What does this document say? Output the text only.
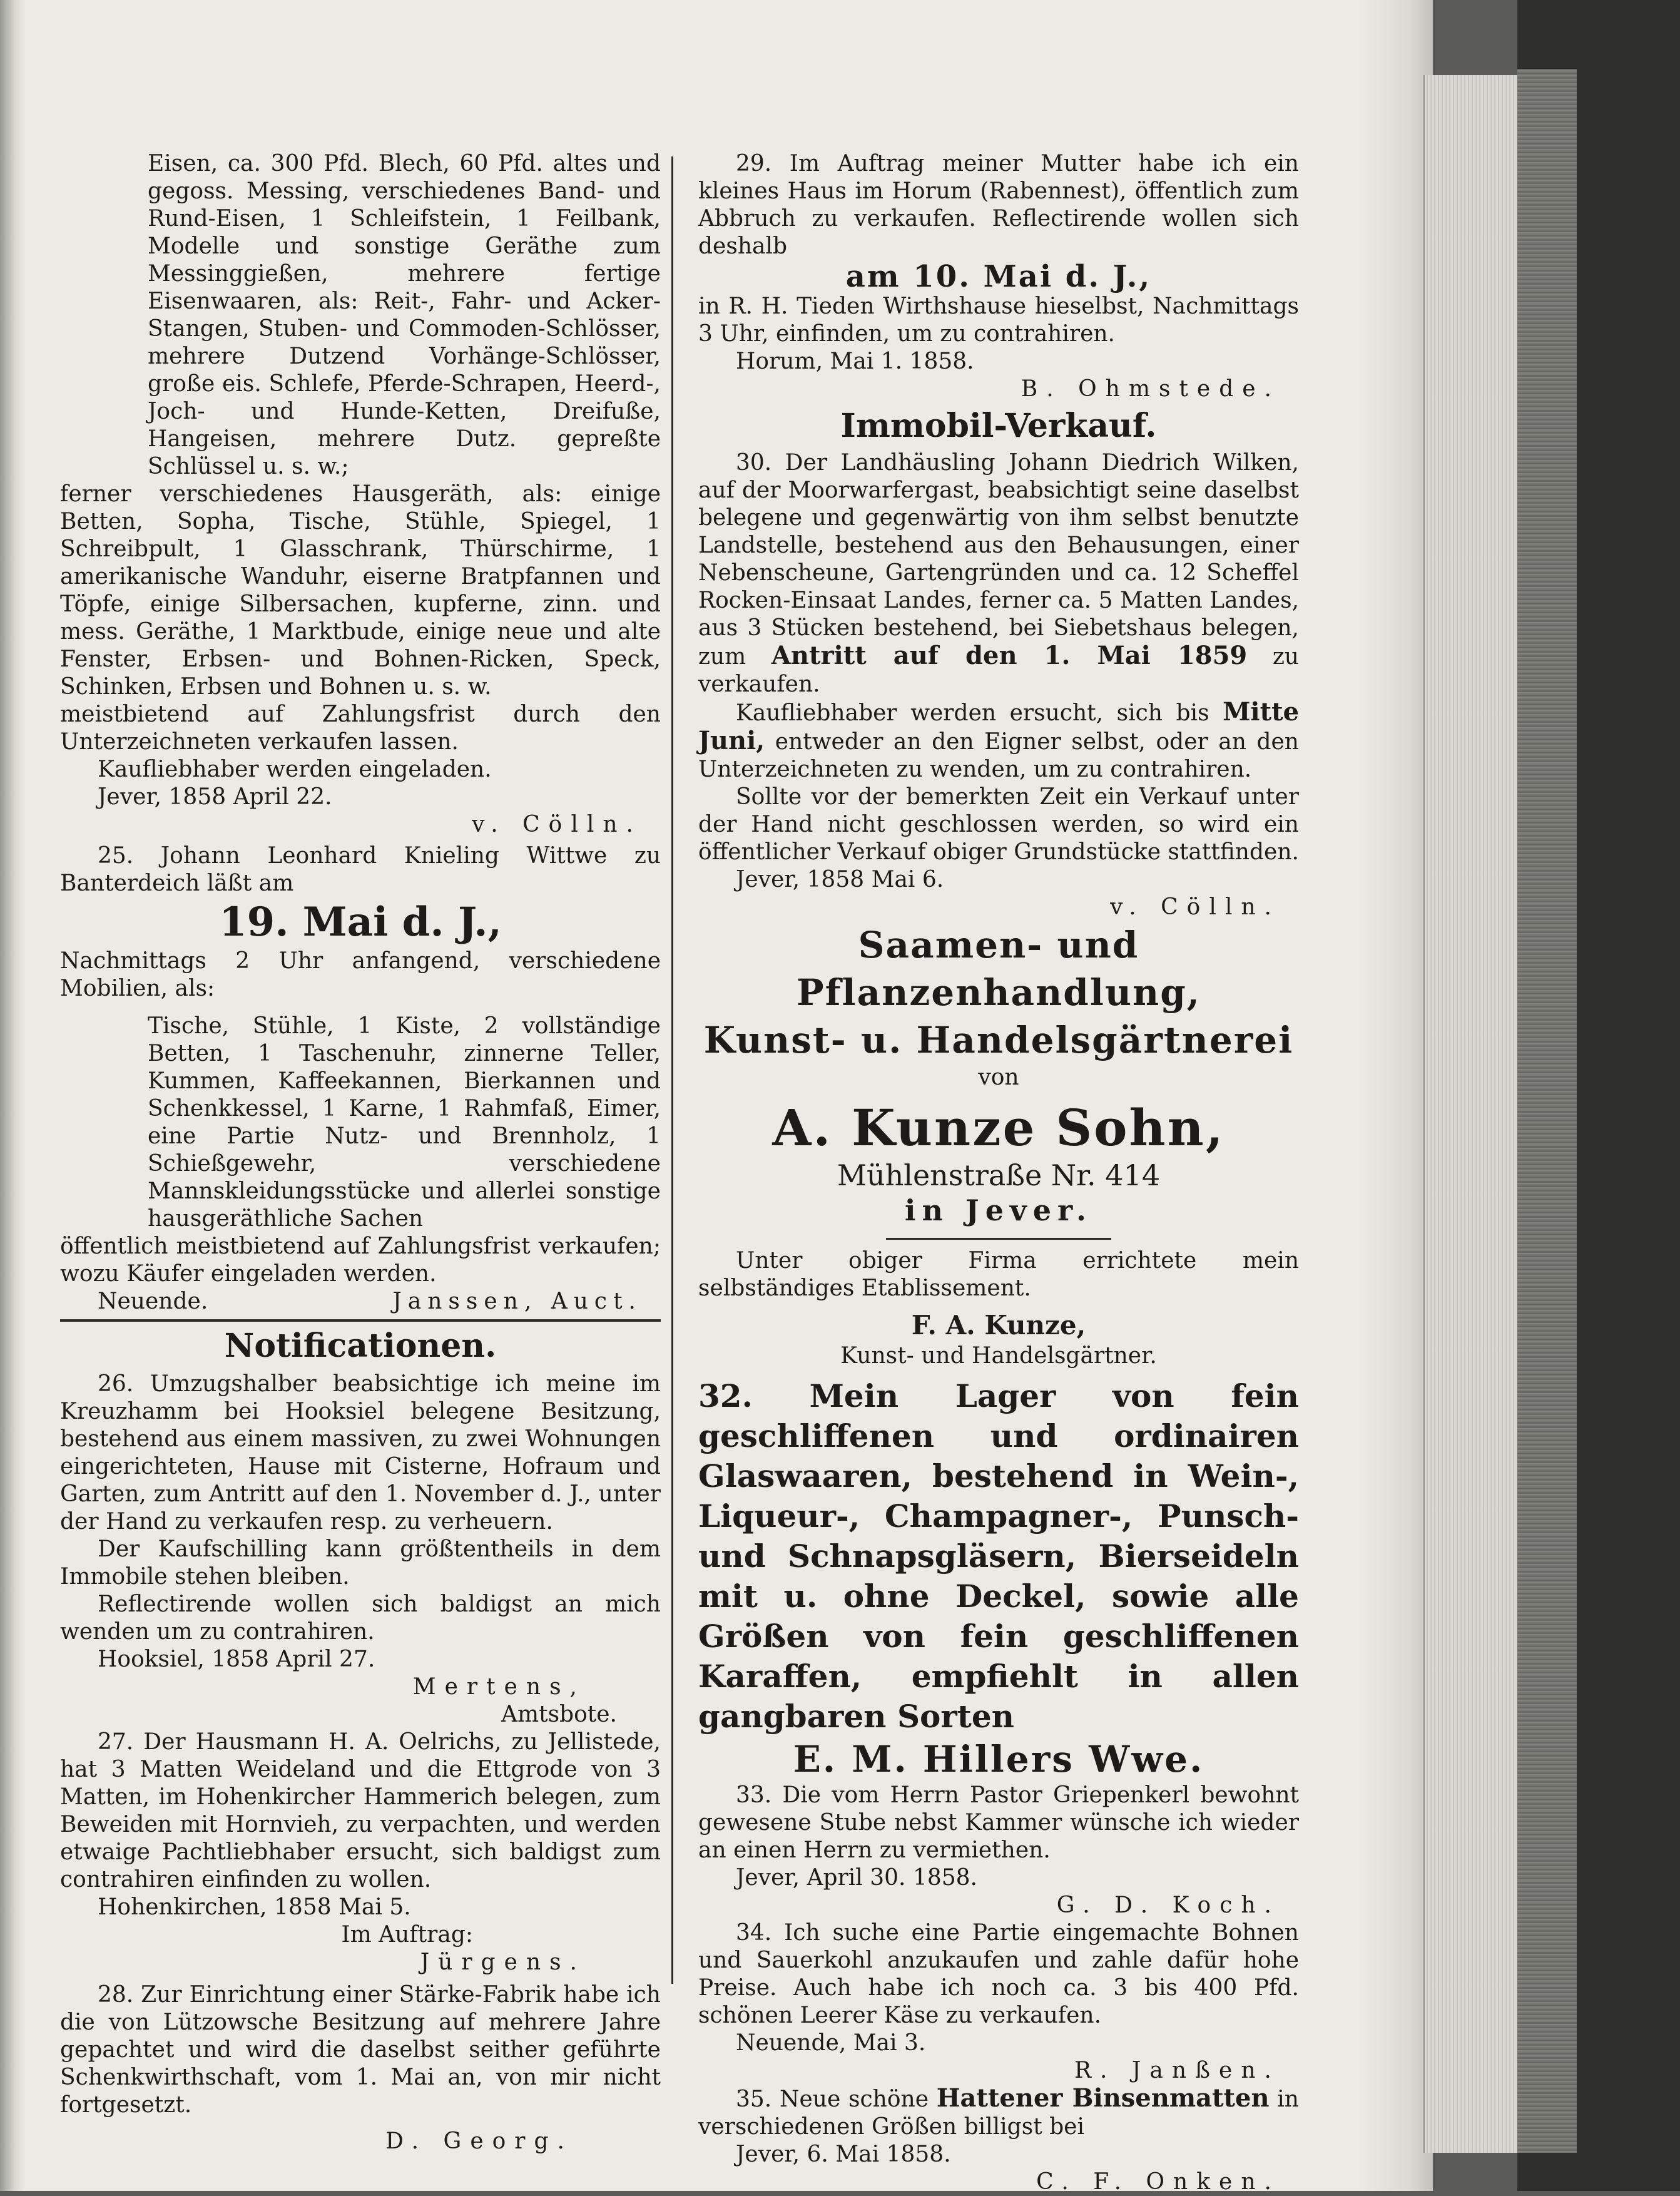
Eisen, ca. 300 Pfd. Blech, 60 Pfd. altes und gegoss. Messing, verschiedenes Band- und Rund-Eisen, 1 Schleifstein, 1 Feilbank, Modelle und sonstige Geräthe zum Messinggießen, mehrere fertige Eisenwaaren, als: Reit-, Fahr- und Acker-Stangen, Stuben- und Commoden-Schlösser, mehrere Dutzend Vorhänge-Schlösser, große eis. Schlefe, Pferde-Schrapen, Heerd-, Joch- und Hunde-Ketten, Dreifuße, Hangeisen, mehrere Dutz. gepreßte Schlüssel u. s. w.;

ferner verschiedenes Hausgeräth, als: einige Betten, Sopha, Tische, Stühle, Spiegel, 1 Schreibpult, 1 Glasschrank, Thürschirme, 1 amerikanische Wanduhr, eiserne Bratpfannen und Töpfe, einige Silbersachen, kupferne, zinn. und mess. Geräthe, 1 Marktbude, einige neue und alte Fenster, Erbsen- und Bohnen-Ricken, Speck, Schinken, Erbsen und Bohnen u. s. w.

meistbietend auf Zahlungsfrist durch den Unterzeichneten verkaufen lassen.

Kaufliebhaber werden eingeladen.

Jever, 1858 April 22.

v. Cölln.

25. Johann Leonhard Knieling Wittwe zu Banterdeich läßt am

19. Mai d. J.,

Nachmittags 2 Uhr anfangend, verschiedene Mobilien, als:

Tische, Stühle, 1 Kiste, 2 vollständige Betten, 1 Taschenuhr, zinnerne Teller, Kummen, Kaffeekannen, Bierkannen und Schenkkessel, 1 Karne, 1 Rahmfaß, Eimer, eine Partie Nutz- und Brennholz, 1 Schießgewehr, verschiedene Mannskleidungsstücke und allerlei sonstige hausgeräthliche Sachen

öffentlich meistbietend auf Zahlungsfrist verkaufen; wozu Käufer eingeladen werden.

Neuende.	Janssen, Auct.

Notificationen.

26. Umzugshalber beabsichtige ich meine im Kreuzhamm bei Hooksiel belegene Besitzung, bestehend aus einem massiven, zu zwei Wohnungen eingerichteten, Hause mit Cisterne, Hofraum und Garten, zum Antritt auf den 1. November d. J., unter der Hand zu verkaufen resp. zu verheuern.

Der Kaufschilling kann größtentheils in dem Immobile stehen bleiben.

Reflectirende wollen sich baldigst an mich wenden um zu contrahiren.

Hooksiel, 1858 April 27.

Mertens,

Amtsbote.

27. Der Hausmann H. A. Oelrichs, zu Jellistede, hat 3 Matten Weideland und die Ettgrode von 3 Matten, im Hohenkircher Hammerich belegen, zum Beweiden mit Hornvieh, zu verpachten, und werden etwaige Pachtliebhaber ersucht, sich baldigst zum contrahiren einfinden zu wollen.

Hohenkirchen, 1858 Mai 5.

Im Auftrag:

Jürgens.

28. Zur Einrichtung einer Stärke-Fabrik habe ich die von Lützowsche Besitzung auf mehrere Jahre gepachtet und wird die daselbst seither geführte Schenkwirthschaft, vom 1. Mai an, von mir nicht fortgesetzt.

D. Georg.

29. Im Auftrag meiner Mutter habe ich ein kleines Haus im Horum (Rabennest), öffentlich zum Abbruch zu verkaufen. Reflectirende wollen sich deshalb

am 10. Mai d. J.,

in R. H. Tieden Wirthshause hieselbst, Nachmittags 3 Uhr, einfinden, um zu contrahiren.

Horum, Mai 1. 1858.

B. Ohmstede.

Immobil-Verkauf.

30. Der Landhäusling Johann Diedrich Wilken, auf der Moorwarfergast, beabsichtigt seine daselbst belegene und gegenwärtig von ihm selbst benutzte Landstelle, bestehend aus den Behausungen, einer Nebenscheune, Gartengründen und ca. 12 Scheffel Rocken-Einsaat Landes, ferner ca. 5 Matten Landes, aus 3 Stücken bestehend, bei Siebetshaus belegen, zum Antritt auf den 1. Mai 1859 zu verkaufen.

Kaufliebhaber werden ersucht, sich bis Mitte Juni, entweder an den Eigner selbst, oder an den Unterzeichneten zu wenden, um zu contrahiren.

Sollte vor der bemerkten Zeit ein Verkauf unter der Hand nicht geschlossen werden, so wird ein öffentlicher Verkauf obiger Grundstücke stattfinden.

Jever, 1858 Mai 6.

v. Cölln.

Saamen- und Pflanzenhandlung,

Kunst- u. Handelsgärtnerei

von

A. Kunze Sohn,

Mühlenstraße Nr. 414

in Jever.

Unter obiger Firma errichtete mein selbständiges Etablissement.

F. A. Kunze,

Kunst- und Handelsgärtner.

32. Mein Lager von fein geschliffenen und ordinairen Glaswaaren, bestehend in Wein-, Liqueur-, Champagner-, Punsch- und Schnapsgläsern, Bierseideln mit u. ohne Deckel, sowie alle Größen von fein geschliffenen Karaffen, empfiehlt in allen gangbaren Sorten

E. M. Hillers Wwe.

33. Die vom Herrn Pastor Griepenkerl bewohnt gewesene Stube nebst Kammer wünsche ich wieder an einen Herrn zu vermiethen.

Jever, April 30. 1858.

G. D. Koch.

34. Ich suche eine Partie eingemachte Bohnen und Sauerkohl anzukaufen und zahle dafür hohe Preise. Auch habe ich noch ca. 3 bis 400 Pfd. schönen Leerer Käse zu verkaufen.

Neuende, Mai 3.

R. Janßen.

35. Neue schöne Hattener Binsenmatten in verschiedenen Größen billigst bei

Jever, 6. Mai 1858.

C. F. Onken.
